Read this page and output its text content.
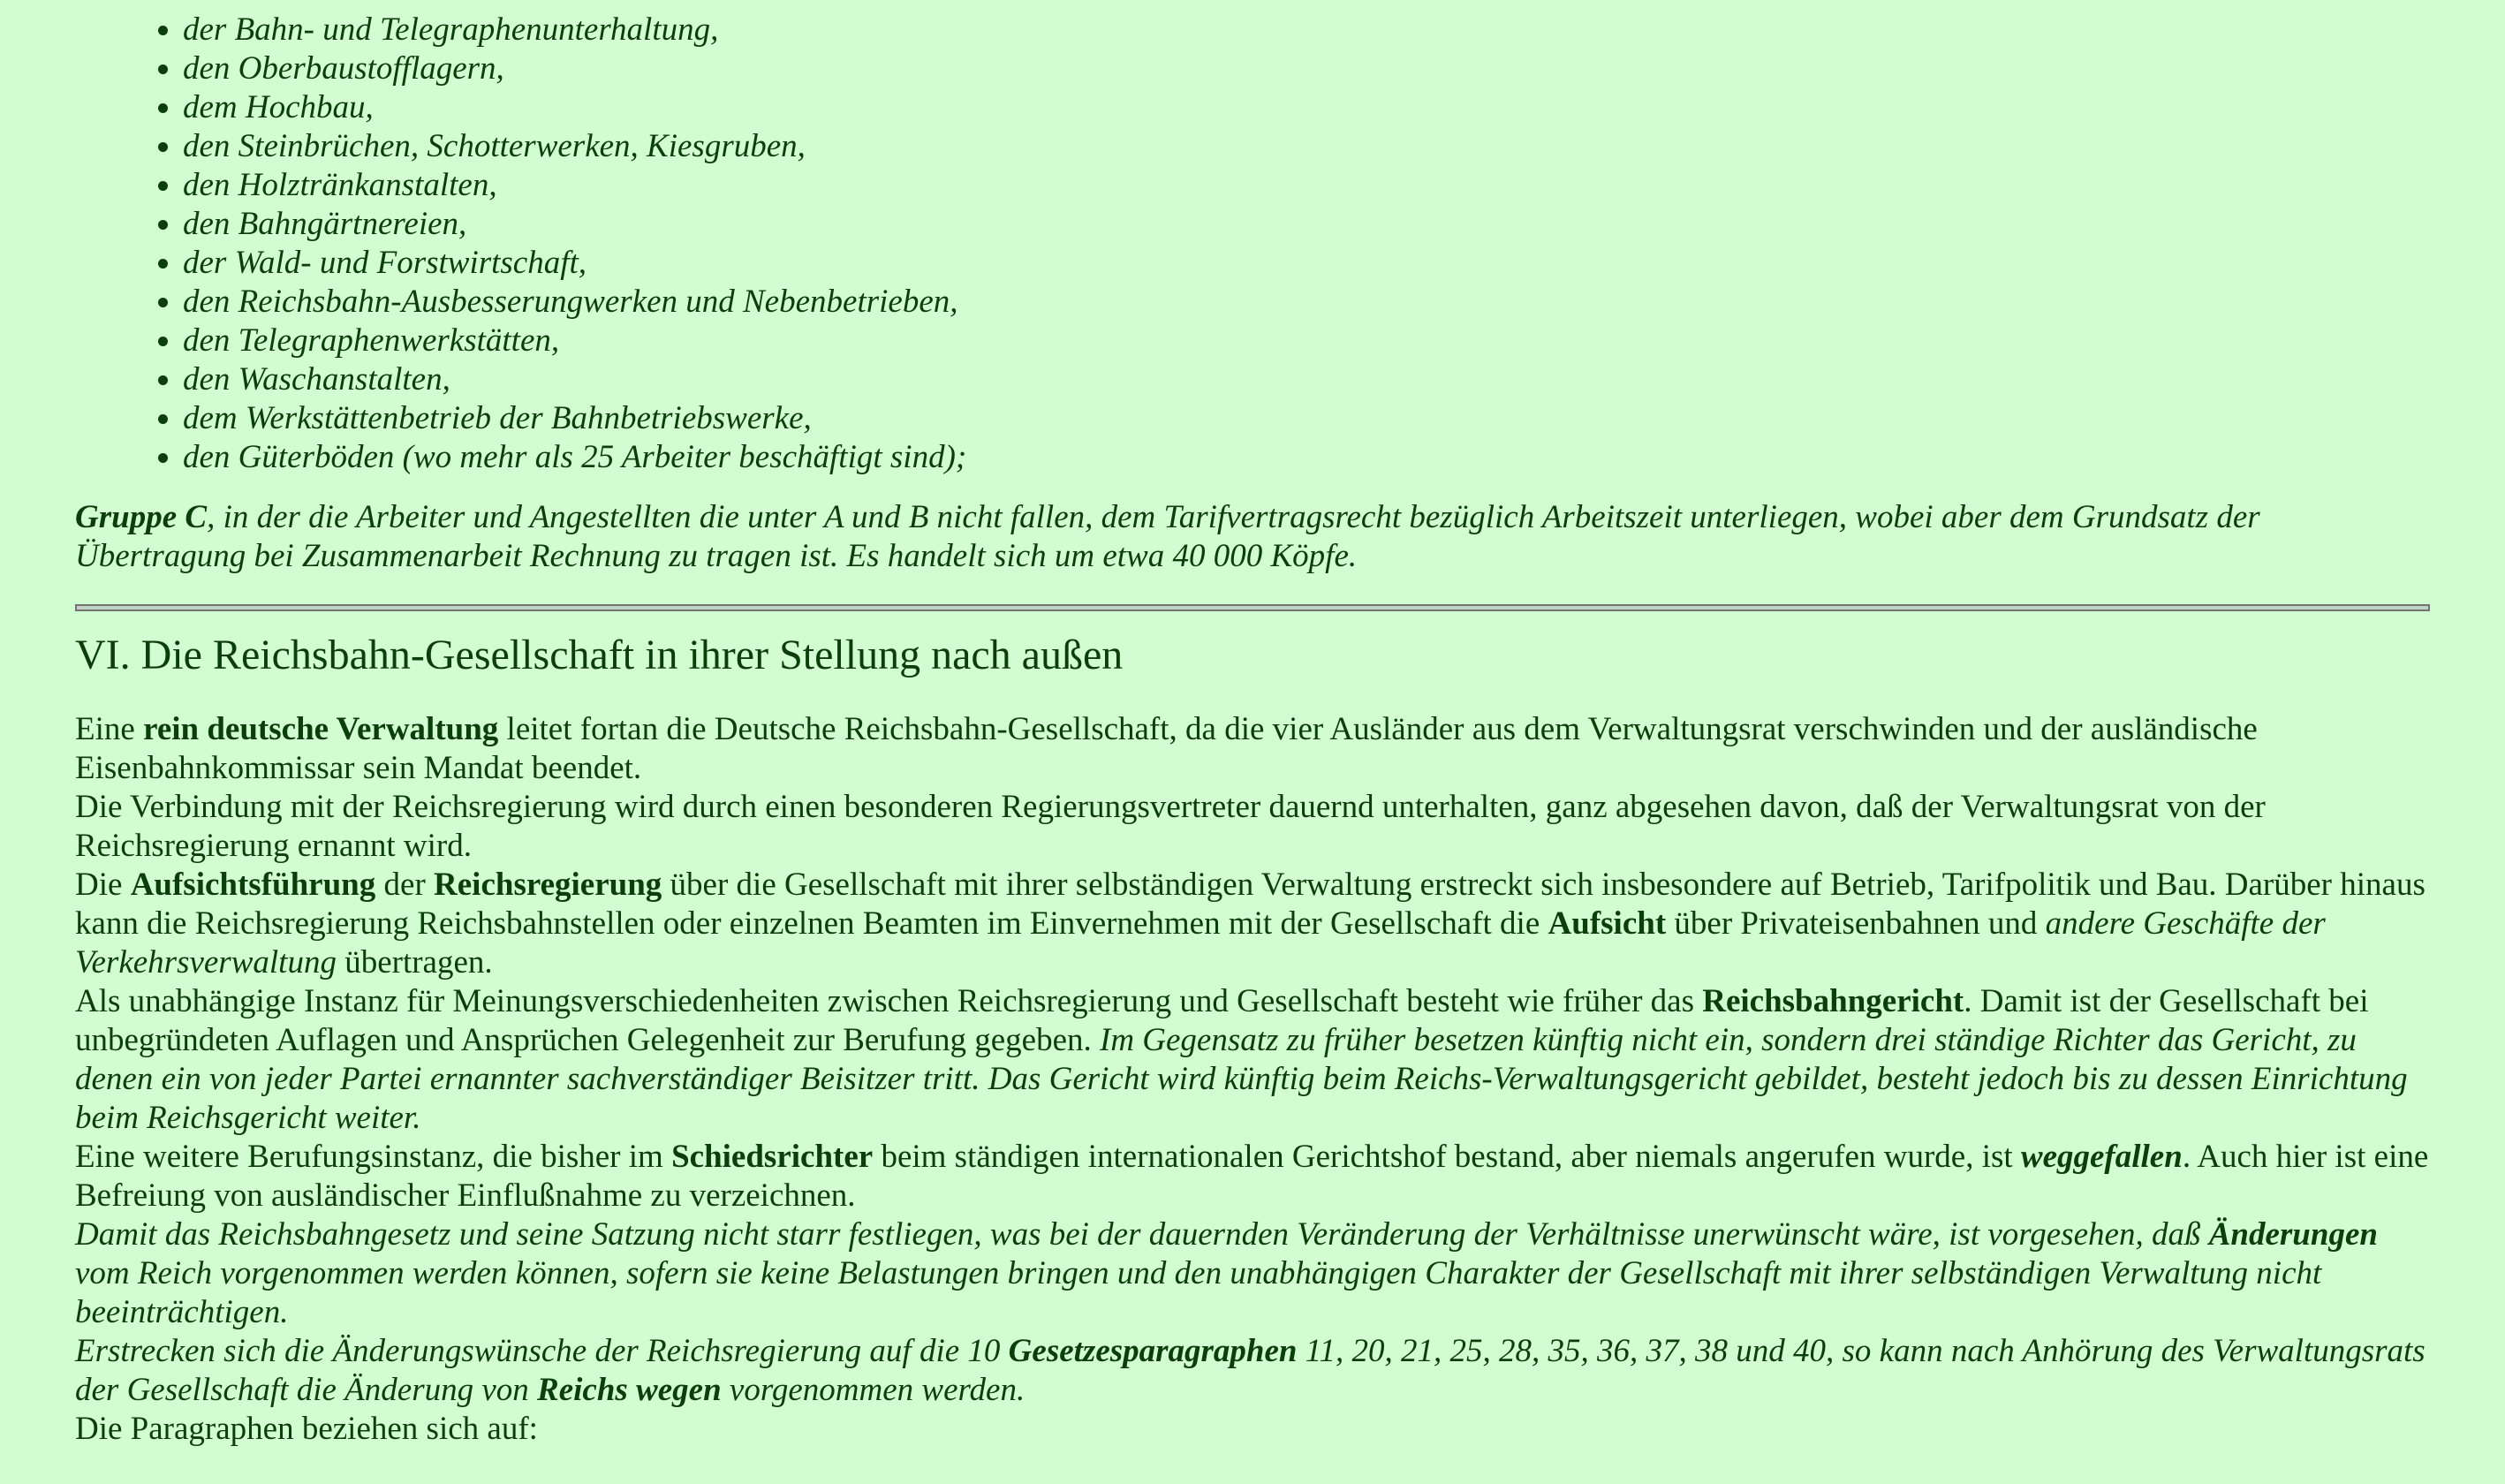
• der Bahn- und Telegraphenunterhaltung,
• den Oberbaustofflagern,
• dem Hochbau,
• den Steinbrüchen, Schotterwerken, Kiesgruben,
• den Holztränkanstalten,
• den Bahngärtnereien,
• der Wald- und Forstwirtschaft,
• den Reichsbahn-Ausbesserungwerken und Nebenbetrieben,
• den Telegraphenwerkstätten,
• den Waschanstalten,
• dem Werkstättenbetrieb der Bahnbetriebswerke,
• den Güterböden (wo mehr als 25 Arbeiter beschäftigt sind);

Gruppe C, in der die Arbeiter und Angestellten die unter A und B nicht fallen, dem Tarifvertragsrecht bezüglich Arbeitszeit unterliegen, wobei aber dem Grundsatz der Übertragung bei Zusammenarbeit Rechnung zu tragen ist. Es handelt sich um etwa 40 000 Köpfe.

VI. Die Reichsbahn-Gesellschaft in ihrer Stellung nach außen

Eine rein deutsche Verwaltung leitet fortan die Deutsche Reichsbahn-Gesellschaft, da die vier Ausländer aus dem Verwaltungsrat verschwinden und der ausländische Eisenbahnkommissar sein Mandat beendet.

Die Verbindung mit der Reichsregierung wird durch einen besonderen Regierungsvertreter dauernd unterhalten, ganz abgesehen davon, daß der Verwaltungsrat von der Reichsregierung ernannt wird.

Die Aufsichtsführung der Reichsregierung über die Gesellschaft mit ihrer selbständigen Verwaltung erstreckt sich insbesondere auf Betrieb, Tarifpolitik und Bau. Darüber hinaus kann die Reichsregierung Reichsbahnstellen oder einzelnen Beamten im Einvernehmen mit der Gesellschaft die Aufsicht über Privateisenbahnen und andere Geschäfte der Verkehrsverwaltung übertragen.

Als unabhängige Instanz für Meinungsverschiedenheiten zwischen Reichsregierung und Gesellschaft besteht wie früher das Reichsbahngericht. Damit ist der Gesellschaft bei unbegründeten Auflagen und Ansprüchen Gelegenheit zur Berufung gegeben. Im Gegensatz zu früher besetzen künftig nicht ein, sondern drei ständige Richter das Gericht, zu denen ein von jeder Partei ernannter sachverständiger Beisitzer tritt. Das Gericht wird künftig beim Reichs-Verwaltungsgericht gebildet, besteht jedoch bis zu dessen Einrichtung beim Reichsgericht weiter.

Eine weitere Berufungsinstanz, die bisher im Schiedsrichter beim ständigen internationalen Gerichtshof bestand, aber niemals angerufen wurde, ist weggefallen. Auch hier ist eine Befreiung von ausländischer Einflußnahme zu verzeichnen.

Damit das Reichsbahngesetz und seine Satzung nicht starr festliegen, was bei der dauernden Veränderung der Verhältnisse unerwünscht wäre, ist vorgesehen, daß Änderungen vom Reich vorgenommen werden können, sofern sie keine Belastungen bringen und den unabhängigen Charakter der Gesellschaft mit ihrer selbständigen Verwaltung nicht beeinträchtigen.

Erstrecken sich die Änderungswünsche der Reichsregierung auf die 10 Gesetzesparagraphen 11, 20, 21, 25, 28, 35, 36, 37, 38 und 40, so kann nach Anhörung des Verwaltungsrats der Gesellschaft die Änderung von Reichs wegen vorgenommen werden.

Die Paragraphen beziehen sich auf:
